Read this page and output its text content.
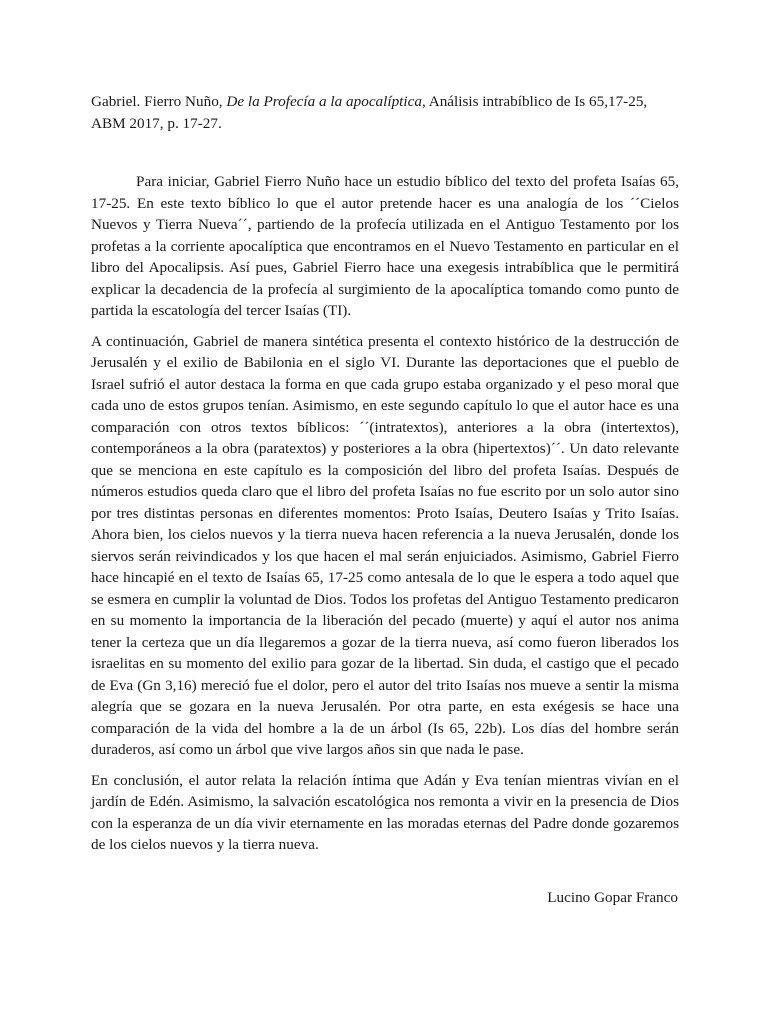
Gabriel. Fierro Nuño, De la Profecía a la apocalíptica, Análisis intrabíblico de Is 65,17-25, ABM 2017, p. 17-27.

Para iniciar, Gabriel Fierro Nuño hace un estudio bíblico del texto del profeta Isaías 65, 17-25. En este texto bíblico lo que el autor pretende hacer es una analogía de los ´´Cielos Nuevos y Tierra Nueva´´, partiendo de la profecía utilizada en el Antiguo Testamento por los profetas a la corriente apocalíptica que encontramos en el Nuevo Testamento en particular en el libro del Apocalipsis. Así pues, Gabriel Fierro hace una exegesis intrabíblica que le permitirá explicar la decadencia de la profecía al surgimiento de la apocalíptica tomando como punto de partida la escatología del tercer Isaías (TI).

A continuación, Gabriel de manera sintética presenta el contexto histórico de la destrucción de Jerusalén y el exilio de Babilonia en el siglo VI. Durante las deportaciones que el pueblo de Israel sufrió el autor destaca la forma en que cada grupo estaba organizado y el peso moral que cada uno de estos grupos tenían. Asimismo, en este segundo capítulo lo que el autor hace es una comparación con otros textos bíblicos: ´´(intratextos), anteriores a la obra (intertextos), contemporáneos a la obra (paratextos) y posteriores a la obra (hipertextos)´´. Un dato relevante que se menciona en este capítulo es la composición del libro del profeta Isaías. Después de números estudios queda claro que el libro del profeta Isaías no fue escrito por un solo autor sino por tres distintas personas en diferentes momentos: Proto Isaías, Deutero Isaías y Trito Isaías. Ahora bien, los cielos nuevos y la tierra nueva hacen referencia a la nueva Jerusalén, donde los siervos serán reivindicados y los que hacen el mal serán enjuiciados. Asimismo, Gabriel Fierro hace hincapié en el texto de Isaías 65, 17-25 como antesala de lo que le espera a todo aquel que se esmera en cumplir la voluntad de Dios. Todos los profetas del Antiguo Testamento predicaron en su momento la importancia de la liberación del pecado (muerte) y aquí el autor nos anima tener la certeza que un día llegaremos a gozar de la tierra nueva, así como fueron liberados los israelitas en su momento del exilio para gozar de la libertad. Sin duda, el castigo que el pecado de Eva (Gn 3,16) mereció fue el dolor, pero el autor del trito Isaías nos mueve a sentir la misma alegría que se gozara en la nueva Jerusalén. Por otra parte, en esta exégesis se hace una comparación de la vida del hombre a la de un árbol (Is 65, 22b). Los días del hombre serán duraderos, así como un árbol que vive largos años sin que nada le pase.

En conclusión, el autor relata la relación íntima que Adán y Eva tenían mientras vivían en el jardín de Edén. Asimismo, la salvación escatológica nos remonta a vivir en la presencia de Dios con la esperanza de un día vivir eternamente en las moradas eternas del Padre donde gozaremos de los cielos nuevos y la tierra nueva.

Lucino Gopar Franco
